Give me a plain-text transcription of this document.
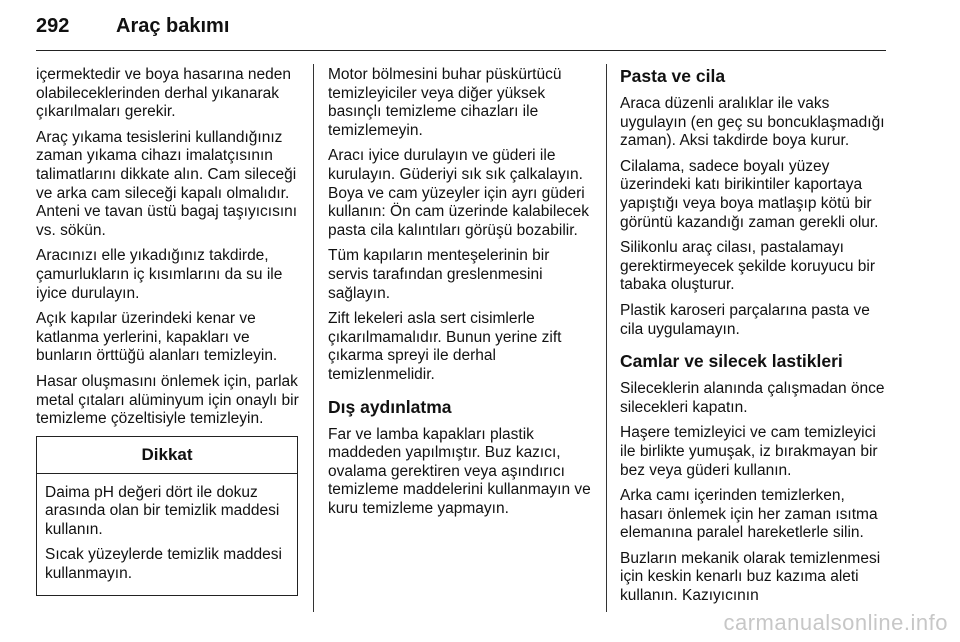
292	Araç bakımı

içermektedir ve boya hasarına neden olabileceklerinden derhal yıkanarak çıkarılmaları gerekir.

Araç yıkama tesislerini kullandığınız zaman yıkama cihazı imalatçısının talimatlarını dikkate alın. Cam sileceği ve arka cam sileceği kapalı olmalıdır. Anteni ve tavan üstü bagaj taşıyıcısını vs. sökün.

Aracınızı elle yıkadığınız takdirde, çamurlukların iç kısımlarını da su ile iyice durulayın.

Açık kapılar üzerindeki kenar ve katlanma yerlerini, kapakları ve bunların örttüğü alanları temizleyin.

Hasar oluşmasını önlemek için, parlak metal çıtaları alüminyum için onaylı bir temizleme çözeltisiyle temizleyin.

Dikkat

Daima pH değeri dört ile dokuz arasında olan bir temizlik maddesi kullanın.

Sıcak yüzeylerde temizlik maddesi kullanmayın.

Motor bölmesini buhar püskürtücü temizleyiciler veya diğer yüksek basınçlı temizleme cihazları ile temizlemeyin.

Aracı iyice durulayın ve güderi ile kurulayın. Güderiyi sık sık çalkalayın. Boya ve cam yüzeyler için ayrı güderi kullanın: Ön cam üzerinde kalabilecek pasta cila kalıntıları görüşü bozabilir.

Tüm kapıların menteşelerinin bir servis tarafından greslenmesini sağlayın.

Zift lekeleri asla sert cisimlerle çıkarılmamalıdır. Bunun yerine zift çıkarma spreyi ile derhal temizlenmelidir.

Dış aydınlatma

Far ve lamba kapakları plastik maddeden yapılmıştır. Buz kazıcı, ovalama gerektiren veya aşındırıcı temizleme maddelerini kullanmayın ve kuru temizleme yapmayın.

Pasta ve cila

Araca düzenli aralıklar ile vaks uygulayın (en geç su boncuklaşmadığı zaman). Aksi takdirde boya kurur.

Cilalama, sadece boyalı yüzey üzerindeki katı birikintiler kaportaya yapıştığı veya boya matlaşıp kötü bir görüntü kazandığı zaman gerekli olur.

Silikonlu araç cilası, pastalamayı gerektirmeyecek şekilde koruyucu bir tabaka oluşturur.

Plastik karoseri parçalarına pasta ve cila uygulamayın.

Camlar ve silecek lastikleri

Sileceklerin alanında çalışmadan önce silecekleri kapatın.

Haşere temizleyici ve cam temizleyici ile birlikte yumuşak, iz bırakmayan bir bez veya güderi kullanın.

Arka camı içerinden temizlerken, hasarı önlemek için her zaman ısıtma elemanına paralel hareketlerle silin.

Buzların mekanik olarak temizlenmesi için keskin kenarlı buz kazıma aleti kullanın. Kazıyıcının

carmanualsonline.info
